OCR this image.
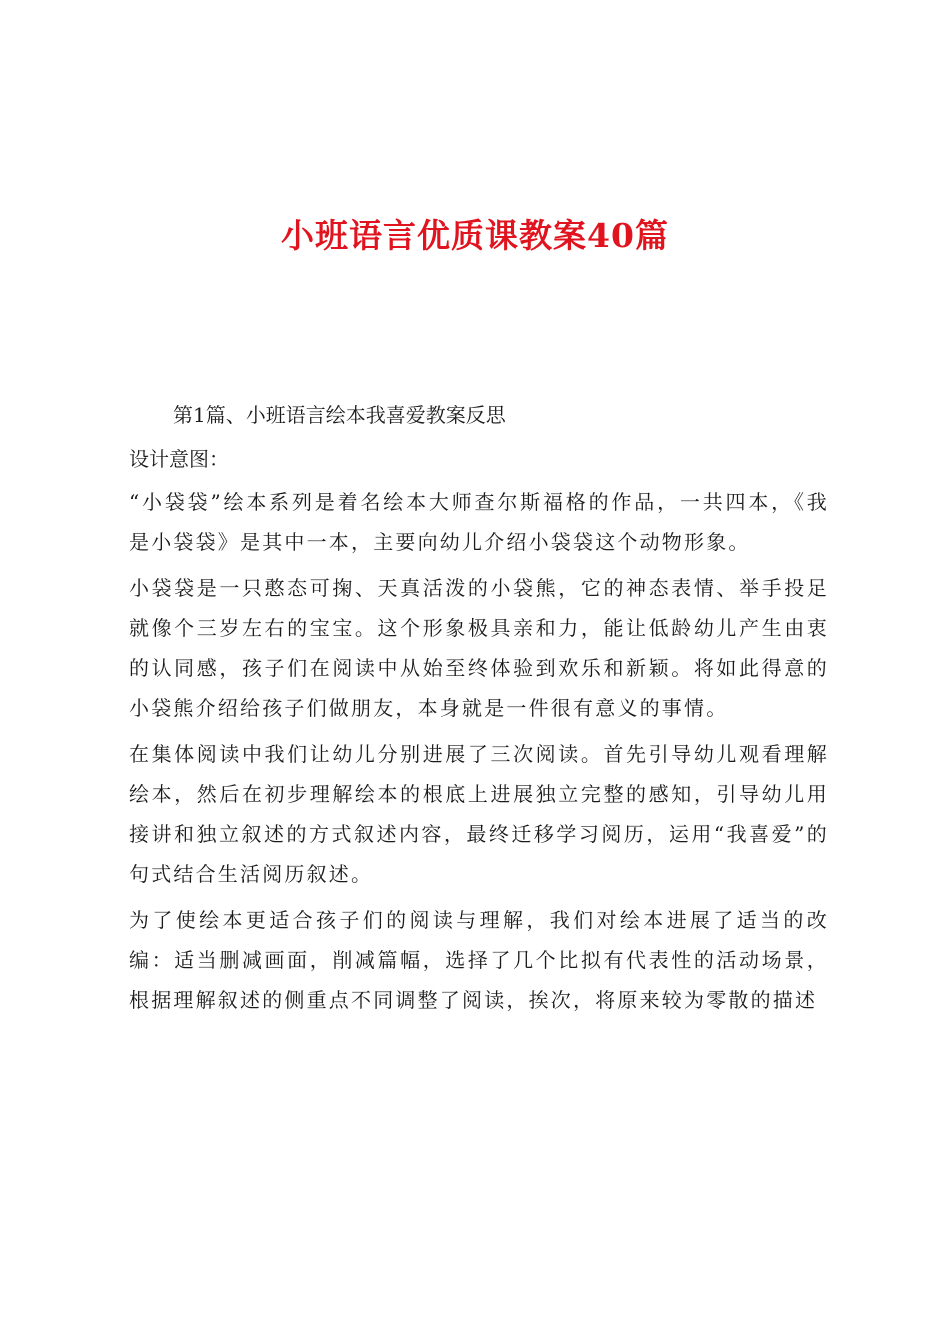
小班语言优质课教案40篇

第1篇、小班语言绘本我喜爱教案反思

设计意图：

“小袋袋”绘本系列是着名绘本大师查尔斯福格的作品，一共四本，《我是小袋袋》是其中一本，主要向幼儿介绍小袋袋这个动物形象。

小袋袋是一只憨态可掬、天真活泼的小袋熊，它的神态表情、举手投足就像个三岁左右的宝宝。这个形象极具亲和力，能让低龄幼儿产生由衷的认同感，孩子们在阅读中从始至终体验到欢乐和新颖。将如此得意的小袋熊介绍给孩子们做朋友，本身就是一件很有意义的事情。

在集体阅读中我们让幼儿分别进展了三次阅读。首先引导幼儿观看理解绘本，然后在初步理解绘本的根底上进展独立完整的感知，引导幼儿用接讲和独立叙述的方式叙述内容，最终迁移学习阅历，运用“我喜爱”的句式结合生活阅历叙述。

为了使绘本更适合孩子们的阅读与理解，我们对绘本进展了适当的改编：适当删减画面，削减篇幅，选择了几个比拟有代表性的活动场景，根据理解叙述的侧重点不同调整了阅读，挨次，将原来较为零散的描述
